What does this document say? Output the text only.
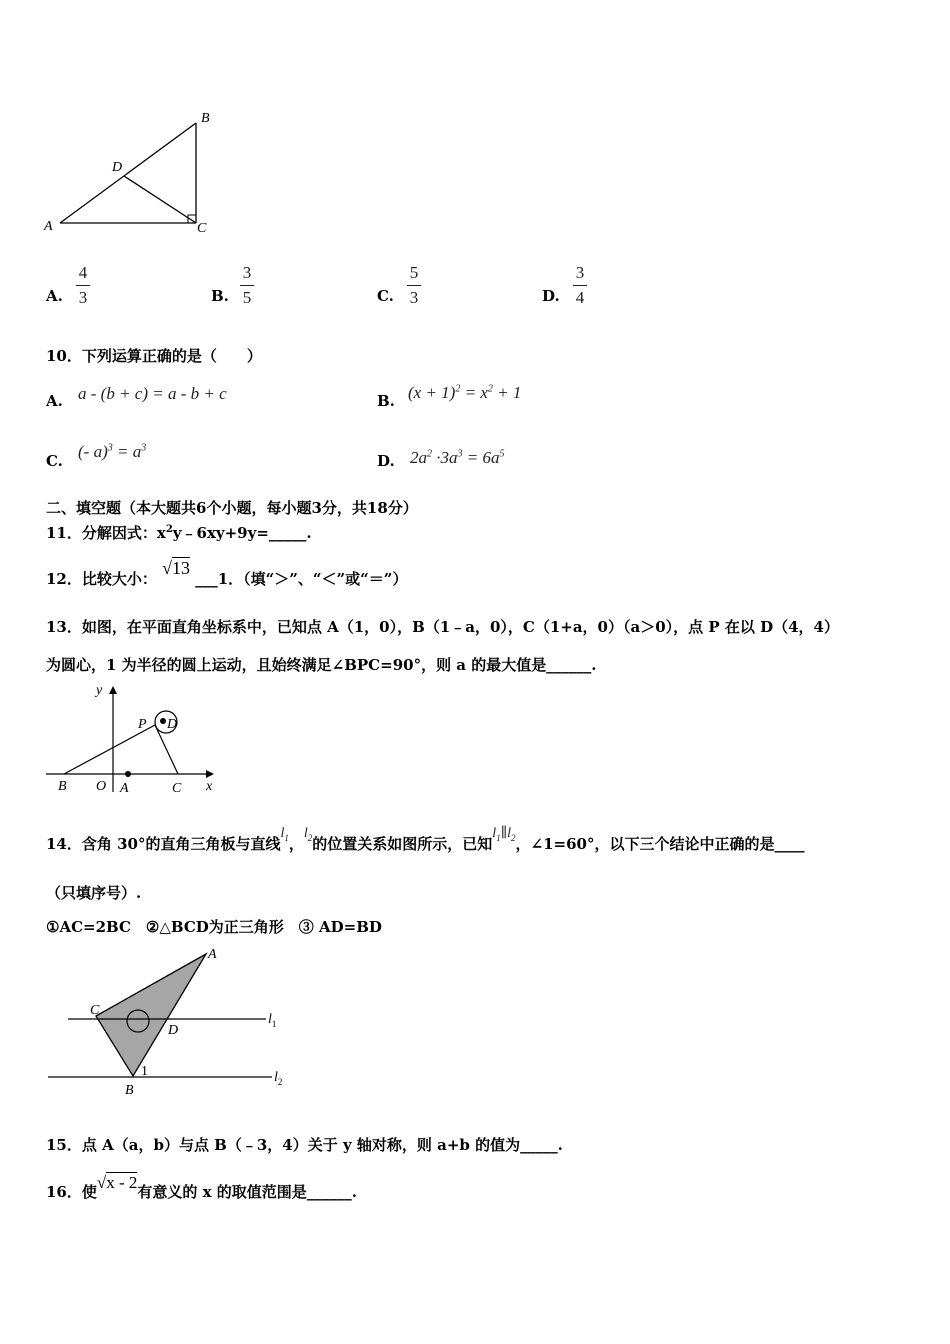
A
B
C
D
A.
4
3	B.
3
5	C.
5
3	D.
3
4
10．下列运算正确的是（　　）
A. a - (b + c) = a - b + c	B. $(x + 1)^2 = x^2 + 1$
C. (- $a)^3 = a^3$
D. $2a^2 \cdot 3a^3 = 6a^5$
二、填空题（本大题共6个小题，每小题3分，共18分）
11．分解因式：$x^2y﹣6xy+9y=\_\_\_\_\_$.
12．比较大小： √13 ___1．（填“＞”、“＜”或“＝”）
13．如图，在平面直角坐标系中，已知点 A（1，0），B（1﹣a，0），C（1+a，0）（a＞0），点 P 在以 D（4，4）
为圆心，1 为半径的圆上运动，且始终满足∠BPC=90°，则 a 的最大值是______.
y
x
B O A	C
P D
14．含角 30°的直角三角板与直线$l_1$，$l_2$的位置关系如图所示，已知$l_1\parallel l_2$，∠1=60°，以下三个结论中正确的是____
（只填序号）.
①AC=2BC　②△BCD为正三角形　③ AD=BD
A
C
D
B
1
$l_1$
$l_2$
15．点 A（a，b）与点 B（﹣3，4）关于 y 轴对称，则 a+b 的值为_____.
16．使√x - 2有意义的 x 的取值范围是______.
